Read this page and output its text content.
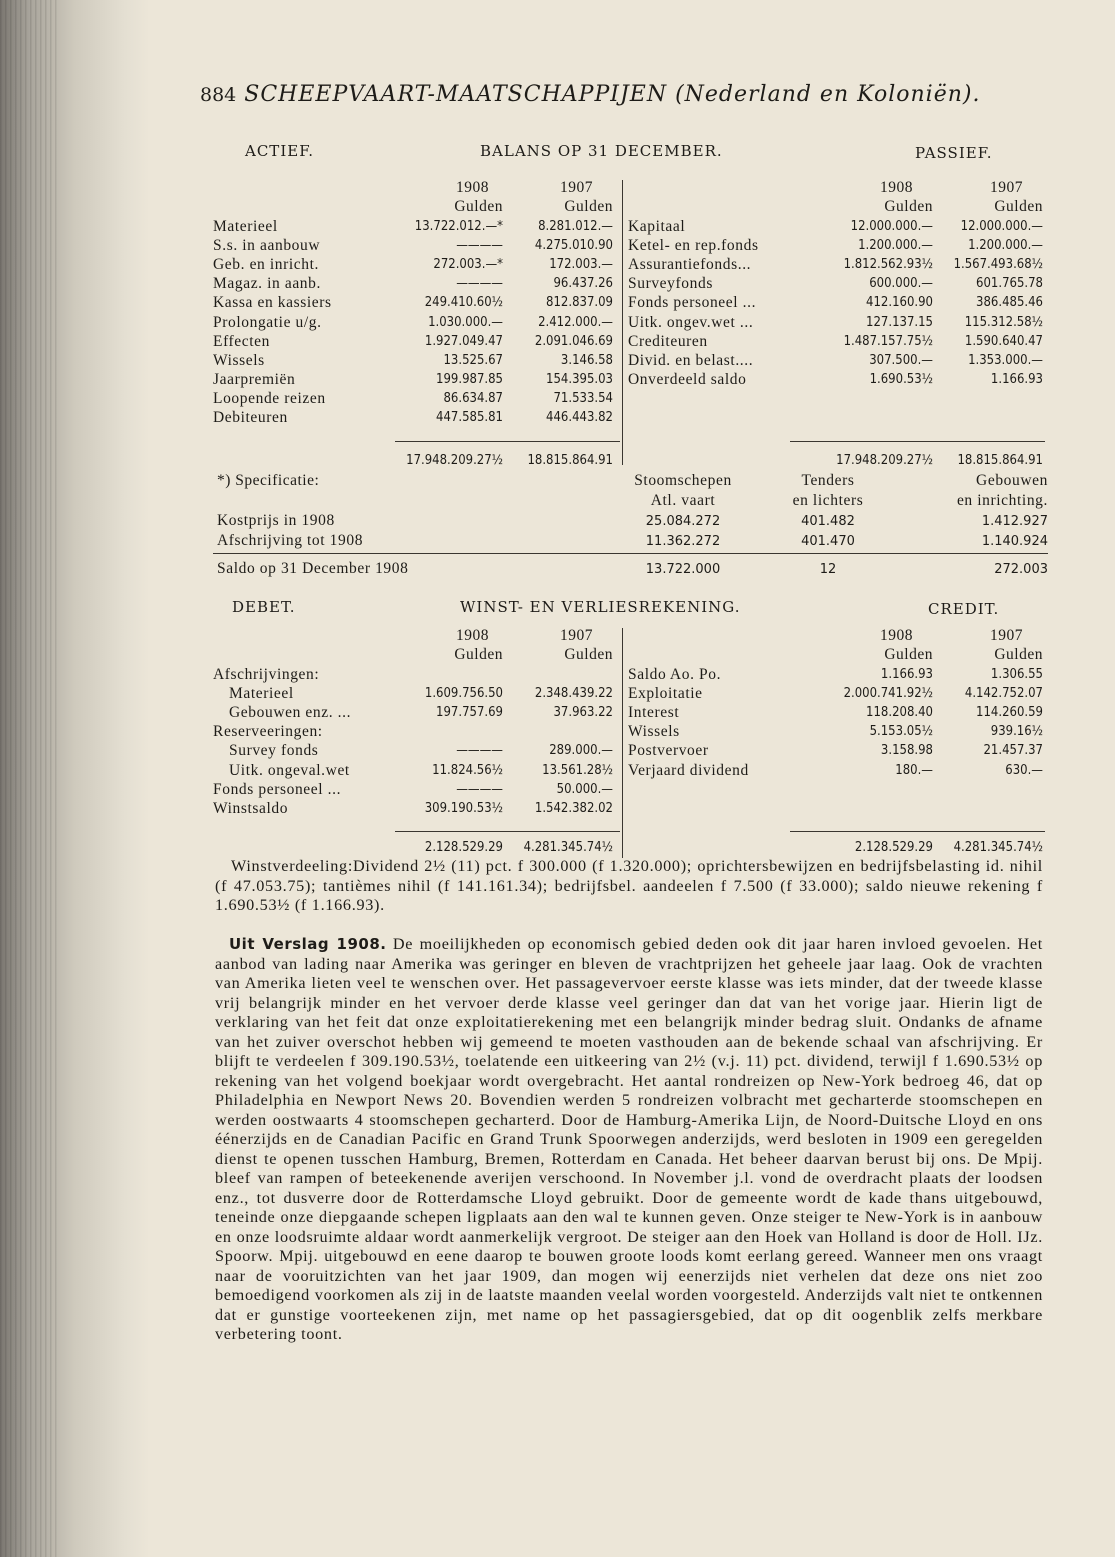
884 SCHEEPVAART-MAATSCHAPPIJEN (Nederland en Koloniën).
ACTIEF.	BALANS OP 31 DECEMBER.	PASSIEF.
	1908	1907
	Gulden	Gulden
Materieel	13.722.012.—*	8.281.012.—
S.s. in aanbouw	————	4.275.010.90
Geb. en inricht.	272.003.—*	172.003.—
Magaz. in aanb.	————	96.437.26
Kassa en kassiers	249.410.60½	812.837.09
Prolongatie u/g.	1.030.000.—	2.412.000.—
Effecten	1.927.049.47	2.091.046.69
Wissels	13.525.67	3.146.58
Jaarpremiën	199.987.85	154.395.03
Loopende reizen	86.634.87	71.533.54
Debiteuren	447.585.81	446.443.82
	1908	1907
	Gulden	Gulden
Kapitaal	12.000.000.—	12.000.000.—
Ketel- en rep.fonds	1.200.000.—	1.200.000.—
Assurantiefonds...	1.812.562.93½	1.567.493.68½
Surveyfonds	600.000.—	601.765.78
Fonds personeel ...	412.160.90	386.485.46
Uitk. ongev.wet ...	127.137.15	115.312.58½
Crediteuren	1.487.157.75½	1.590.640.47
Divid. en belast....	307.500.—	1.353.000.—
Onverdeeld saldo	1.690.53½	1.166.93
	17.948.209.27½	18.815.864.91
		17.948.209.27½	18.815.864.91
*) Specificatie:	Stoomschepen	Tenders	Gebouwen
	Atl. vaart	en lichters	en inrichting.
Kostprijs in 1908	25.084.272	401.482	1.412.927
Afschrijving tot 1908	11.362.272	401.470	1.140.924
Saldo op 31 December 1908	13.722.000	12	272.003
DEBET.	WINST- EN VERLIESREKENING.	CREDIT.
	1908	1907
	Gulden	Gulden
Afschrijvingen:		
Materieel	1.609.756.50	2.348.439.22
Gebouwen enz. ...	197.757.69	37.963.22
Reserveeringen:		
Survey fonds	————	289.000.—
Uitk. ongeval.wet	11.824.56½	13.561.28½
Fonds personeel ...	————	50.000.—
Winstsaldo	309.190.53½	1.542.382.02
	1908	1907
	Gulden	Gulden
Saldo Ao. Po.	1.166.93	1.306.55
Exploitatie	2.000.741.92½	4.142.752.07
Interest	118.208.40	114.260.59
Wissels	5.153.05½	939.16½
Postvervoer	3.158.98	21.457.37
Verjaard dividend	180.—	630.—
	2.128.529.29	4.281.345.74½
		2.128.529.29	4.281.345.74½
Winstverdeeling:Dividend 2½ (11) pct. f 300.000 (f 1.320.000); oprichtersbewijzen en bedrijfsbelasting id. nihil (f 47.053.75); tantièmes nihil (f 141.161.34); bedrijfsbel. aandeelen f 7.500 (f 33.000); saldo nieuwe rekening f 1.690.53½ (f 1.166.93).
Uit Verslag 1908. De moeilijkheden op economisch gebied deden ook dit jaar haren invloed gevoelen. Het aanbod van lading naar Amerika was geringer en bleven de vrachtprijzen het geheele jaar laag. Ook de vrachten van Amerika lieten veel te wenschen over. Het passagevervoer eerste klasse was iets minder, dat der tweede klasse vrij belangrijk minder en het vervoer derde klasse veel geringer dan dat van het vorige jaar. Hierin ligt de verklaring van het feit dat onze exploitatierekening met een belangrijk minder bedrag sluit. Ondanks de afname van het zuiver overschot hebben wij gemeend te moeten vasthouden aan de bekende schaal van afschrijving. Er blijft te verdeelen f 309.190.53½, toelatende een uitkeering van 2½ (v.j. 11) pct. dividend, terwijl f 1.690.53½ op rekening van het volgend boekjaar wordt overgebracht. Het aantal rondreizen op New-York bedroeg 46, dat op Philadelphia en Newport News 20. Bovendien werden 5 rondreizen volbracht met gecharterde stoomschepen en werden oostwaarts 4 stoomschepen gecharterd. Door de Hamburg-Amerika Lijn, de Noord-Duitsche Lloyd en ons éénerzijds en de Canadian Pacific en Grand Trunk Spoorwegen anderzijds, werd besloten in 1909 een geregelden dienst te openen tusschen Hamburg, Bremen, Rotterdam en Canada. Het beheer daarvan berust bij ons. De Mpij. bleef van rampen of beteekenende averijen verschoond. In November j.l. vond de overdracht plaats der loodsen enz., tot dusverre door de Rotterdamsche Lloyd gebruikt. Door de gemeente wordt de kade thans uitgebouwd, teneinde onze diepgaande schepen ligplaats aan den wal te kunnen geven. Onze steiger te New-York is in aanbouw en onze loodsruimte aldaar wordt aanmerkelijk vergroot. De steiger aan den Hoek van Holland is door de Holl. IJz. Spoorw. Mpij. uitgebouwd en eene daarop te bouwen groote loods komt eerlang gereed. Wanneer men ons vraagt naar de vooruitzichten van het jaar 1909, dan mogen wij eenerzijds niet verhelen dat deze ons niet zoo bemoedigend voorkomen als zij in de laatste maanden veelal worden voorgesteld. Anderzijds valt niet te ontkennen dat er gunstige voorteekenen zijn, met name op het passagiersgebied, dat op dit oogenblik zelfs merkbare verbetering toont.
